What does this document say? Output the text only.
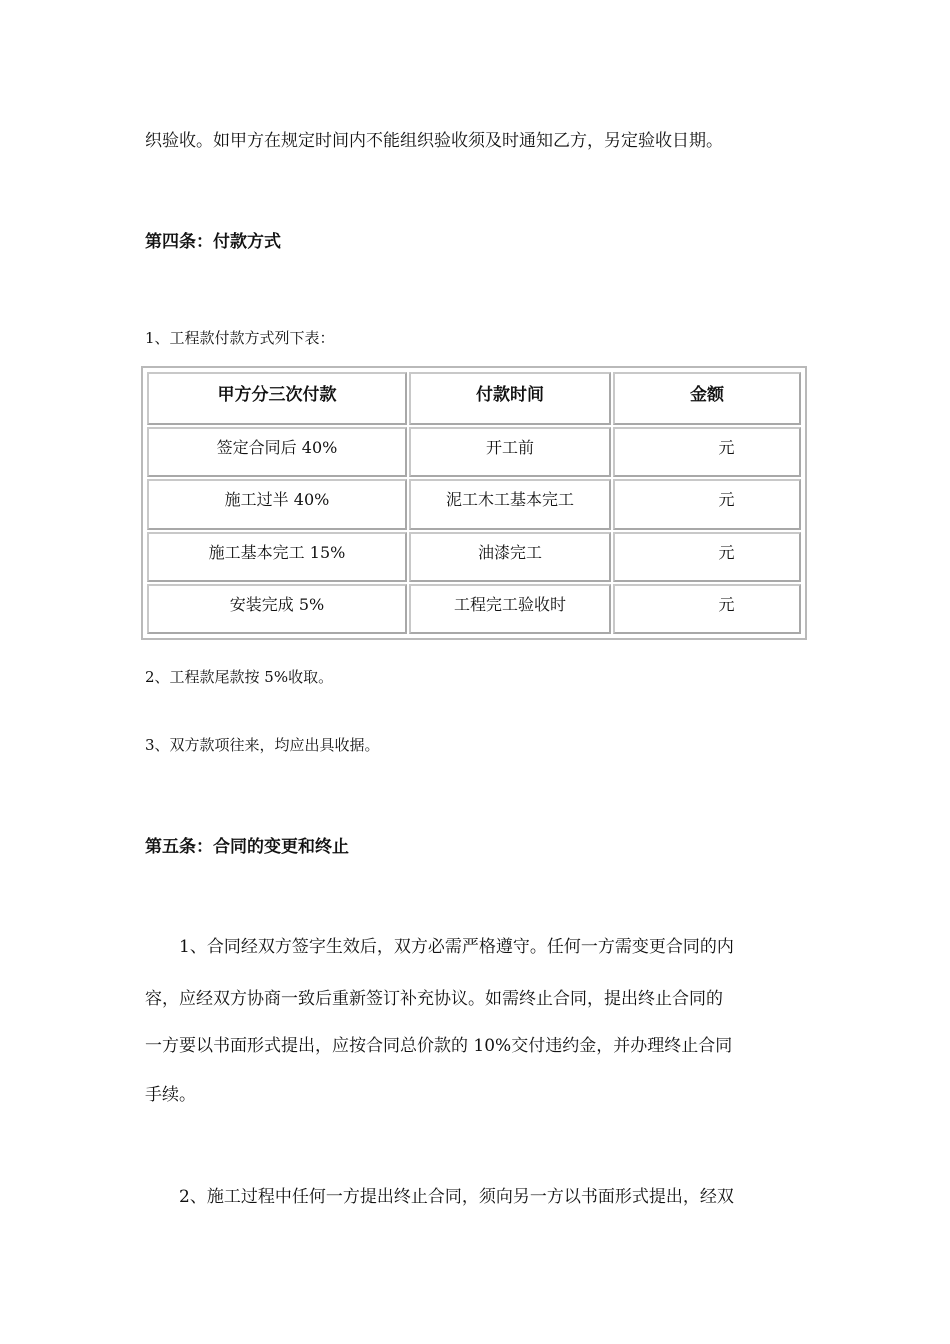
织验收。如甲方在规定时间内不能组织验收须及时通知乙方，另定验收日期。
第四条：付款方式
1、工程款付款方式列下表：
甲方分三次付款	付款时间	金额
签定合同后 40%	开工前	元
施工过半 40%	泥工木工基本完工	元
施工基本完工 15%	油漆完工	元
安装完成 5%	工程完工验收时	元
2、工程款尾款按 5%收取。
3、双方款项往来，均应出具收据。
第五条：合同的变更和终止
　　1、合同经双方签字生效后，双方必需严格遵守。任何一方需变更合同的内
容，应经双方协商一致后重新签订补充协议。如需终止合同，提出终止合同的
一方要以书面形式提出，应按合同总价款的 10%交付违约金，并办理终止合同
手续。
　　2、施工过程中任何一方提出终止合同，须向另一方以书面形式提出，经双
